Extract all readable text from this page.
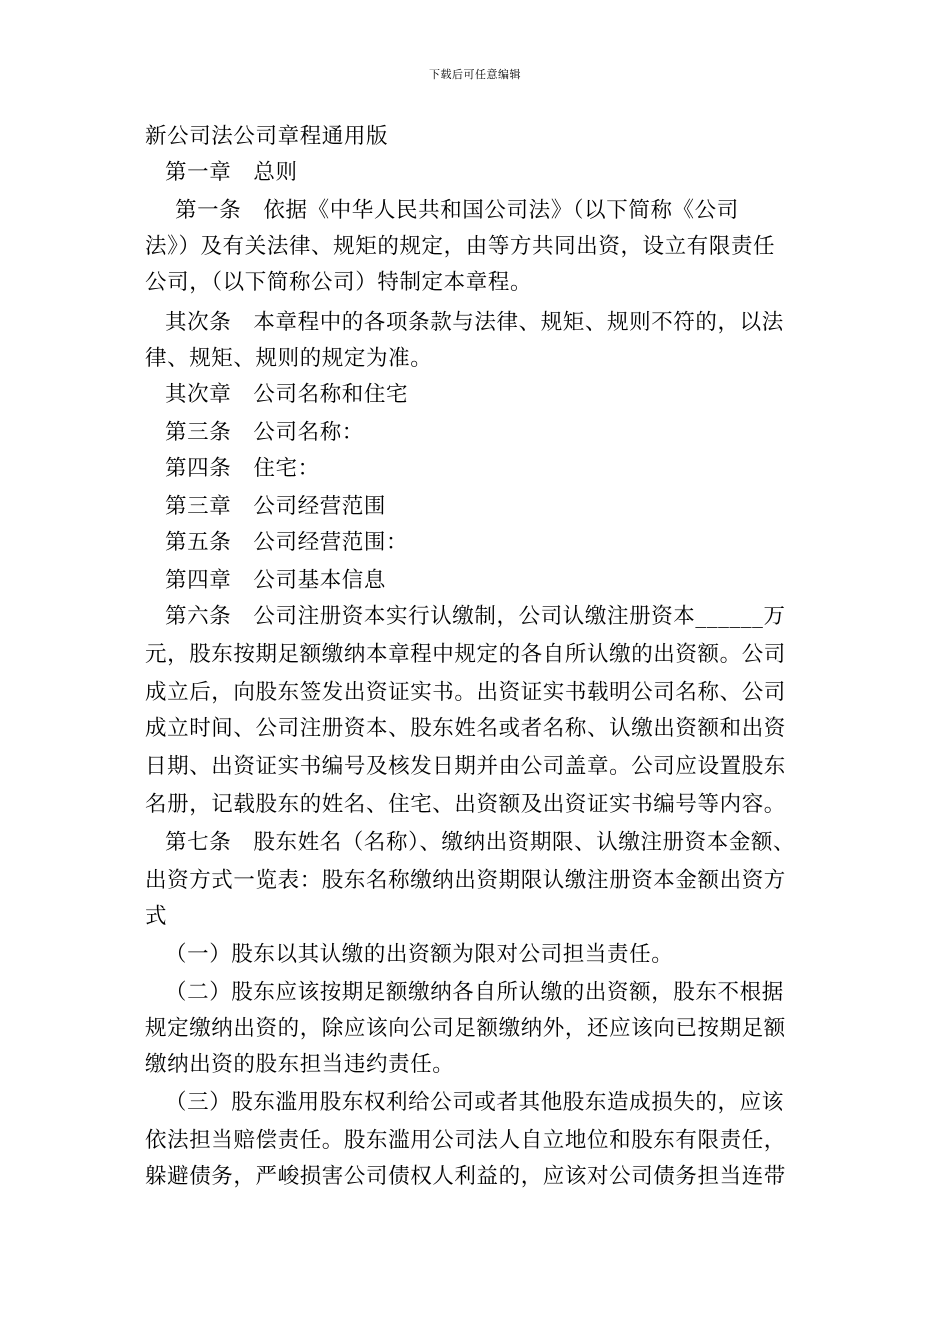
下载后可任意编辑
新公司法公司章程通用版
第一章　总则
第一条　依据《中华人民共和国公司法》（以下简称《公司
法》）及有关法律、规矩的规定，由等方共同出资，设立有限责任
公司，（以下简称公司）特制定本章程。
其次条　本章程中的各项条款与法律、规矩、规则不符的，以法
律、规矩、规则的规定为准。
其次章　公司名称和住宅
第三条　公司名称：
第四条　住宅：
第三章　公司经营范围
第五条　公司经营范围：
第四章　公司基本信息
第六条　公司注册资本实行认缴制，公司认缴注册资本______万
元，股东按期足额缴纳本章程中规定的各自所认缴的出资额。公司
成立后，向股东签发出资证实书。出资证实书载明公司名称、公司
成立时间、公司注册资本、股东姓名或者名称、认缴出资额和出资
日期、出资证实书编号及核发日期并由公司盖章。公司应设置股东
名册，记载股东的姓名、住宅、出资额及出资证实书编号等内容。
第七条　股东姓名（名称）、缴纳出资期限、认缴注册资本金额、
出资方式一览表：股东名称缴纳出资期限认缴注册资本金额出资方
式
（一）股东以其认缴的出资额为限对公司担当责任。
（二）股东应该按期足额缴纳各自所认缴的出资额，股东不根据
规定缴纳出资的，除应该向公司足额缴纳外，还应该向已按期足额
缴纳出资的股东担当违约责任。
（三）股东滥用股东权利给公司或者其他股东造成损失的，应该
依法担当赔偿责任。股东滥用公司法人自立地位和股东有限责任，
躲避债务，严峻损害公司债权人利益的，应该对公司债务担当连带
